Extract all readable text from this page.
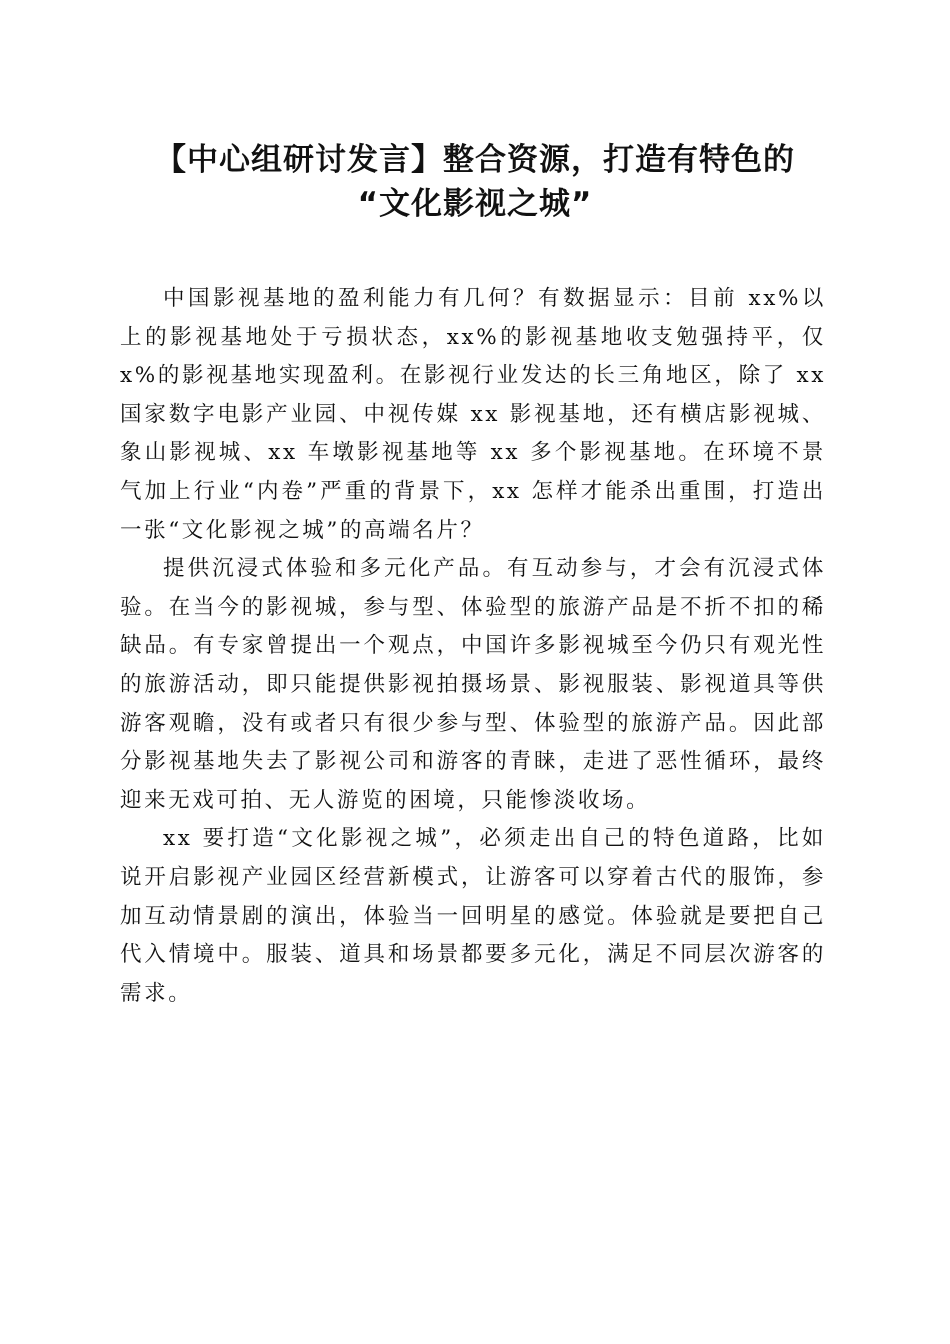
【中心组研讨发言】整合资源，打造有特色的
“文化影视之城”

中国影视基地的盈利能力有几何？有数据显示：目前 xx%以上的影视基地处于亏损状态，xx%的影视基地收支勉强持平，仅 x%的影视基地实现盈利。在影视行业发达的长三角地区，除了 xx 国家数字电影产业园、中视传媒 xx 影视基地，还有横店影视城、象山影视城、xx 车墩影视基地等 xx 多个影视基地。在环境不景气加上行业“内卷”严重的背景下，xx 怎样才能杀出重围，打造出一张“文化影视之城”的高端名片？

提供沉浸式体验和多元化产品。有互动参与，才会有沉浸式体验。在当今的影视城，参与型、体验型的旅游产品是不折不扣的稀缺品。有专家曾提出一个观点，中国许多影视城至今仍只有观光性的旅游活动，即只能提供影视拍摄场景、影视服装、影视道具等供游客观瞻，没有或者只有很少参与型、体验型的旅游产品。因此部分影视基地失去了影视公司和游客的青睐，走进了恶性循环，最终迎来无戏可拍、无人游览的困境，只能惨淡收场。

xx 要打造“文化影视之城”，必须走出自己的特色道路，比如说开启影视产业园区经营新模式，让游客可以穿着古代的服饰，参加互动情景剧的演出，体验当一回明星的感觉。体验就是要把自己代入情境中。服装、道具和场景都要多元化，满足不同层次游客的需求。
